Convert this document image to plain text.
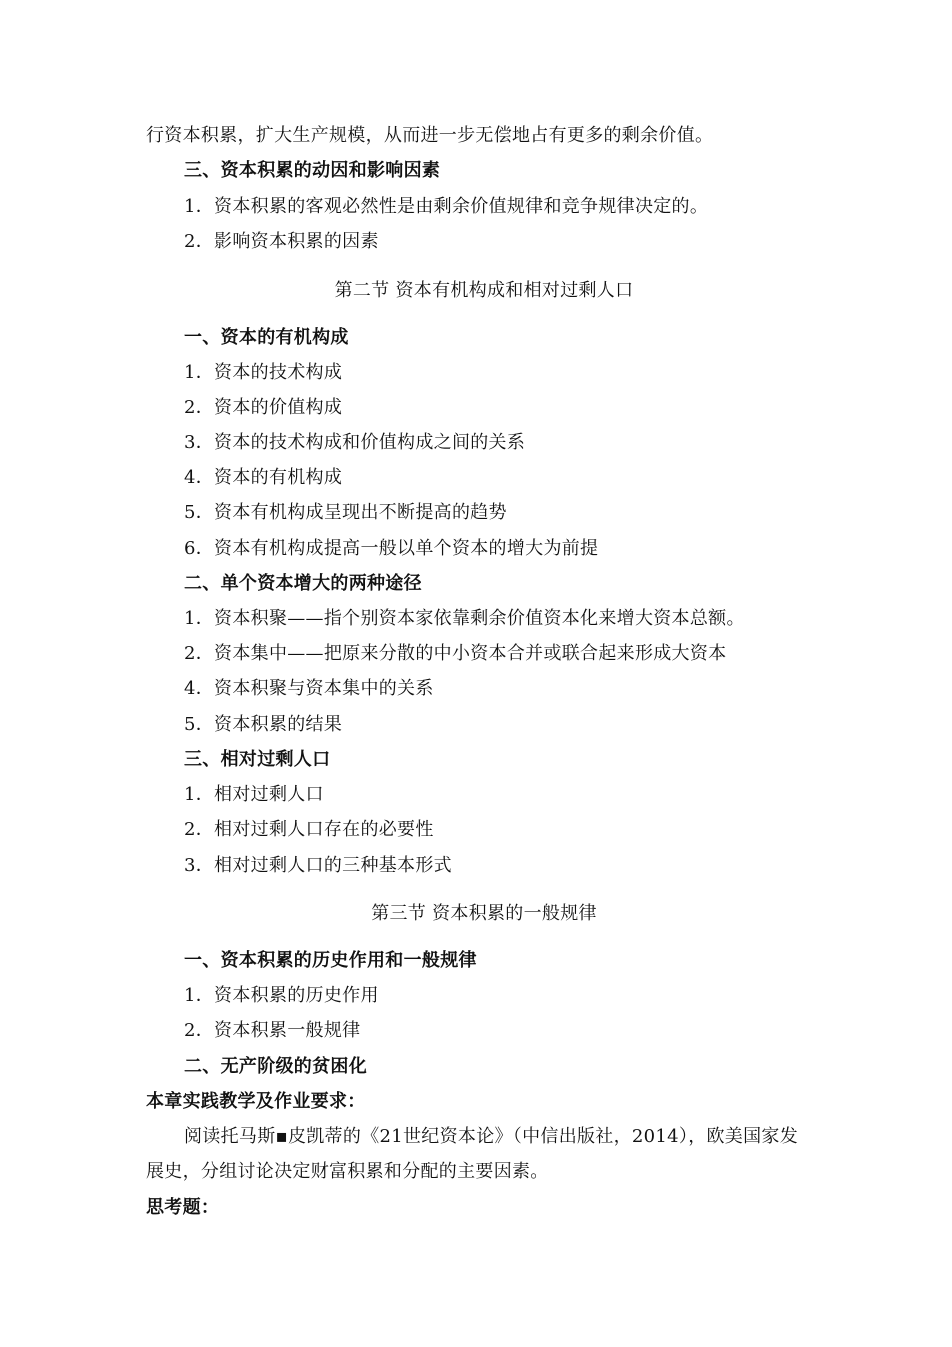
行资本积累，扩大生产规模，从而进一步无偿地占有更多的剩余价值。
三、资本积累的动因和影响因素
1．资本积累的客观必然性是由剩余价值规律和竞争规律决定的。
2．影响资本积累的因素
第二节 资本有机构成和相对过剩人口
一、资本的有机构成
1．资本的技术构成
2．资本的价值构成
3．资本的技术构成和价值构成之间的关系
4．资本的有机构成
5．资本有机构成呈现出不断提高的趋势
6．资本有机构成提高一般以单个资本的增大为前提
二、单个资本增大的两种途径
1．资本积聚——指个别资本家依靠剩余价值资本化来增大资本总额。
2．资本集中——把原来分散的中小资本合并或联合起来形成大资本
4．资本积聚与资本集中的关系
5．资本积累的结果
三、相对过剩人口
1．相对过剩人口
2．相对过剩人口存在的必要性
3．相对过剩人口的三种基本形式
第三节 资本积累的一般规律
一、资本积累的历史作用和一般规律
1．资本积累的历史作用
2．资本积累一般规律
二、无产阶级的贫困化
本章实践教学及作业要求：
阅读托马斯▪皮凯蒂的《21世纪资本论》（中信出版社，2014），欧美国家发
展史，分组讨论决定财富积累和分配的主要因素。
思考题：
